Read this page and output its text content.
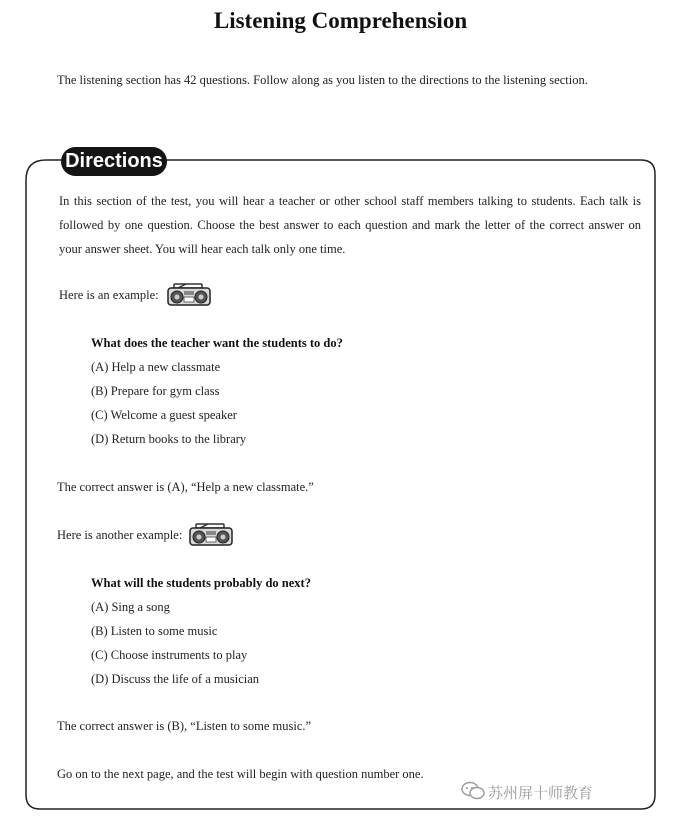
Listening Comprehension
The listening section has 42 questions. Follow along as you listen to the directions to the listening section.
Directions
In this section of the test, you will hear a teacher or other school staff members talking to students. Each talk is followed by one question. Choose the best answer to each question and mark the letter of the correct answer on your answer sheet. You will hear each talk only one time.
Here is an example:
What does the teacher want the students to do?
(A) Help a new classmate
(B) Prepare for gym class
(C) Welcome a guest speaker
(D) Return books to the library
The correct answer is (A), “Help a new classmate.”
Here is another example:
What will the students probably do next?
(A) Sing a song
(B) Listen to some music
(C) Choose instruments to play
(D) Discuss the life of a musician
The correct answer is (B), “Listen to some music.”
Go on to the next page, and the test will begin with question number one.
苏州屏十师教育
